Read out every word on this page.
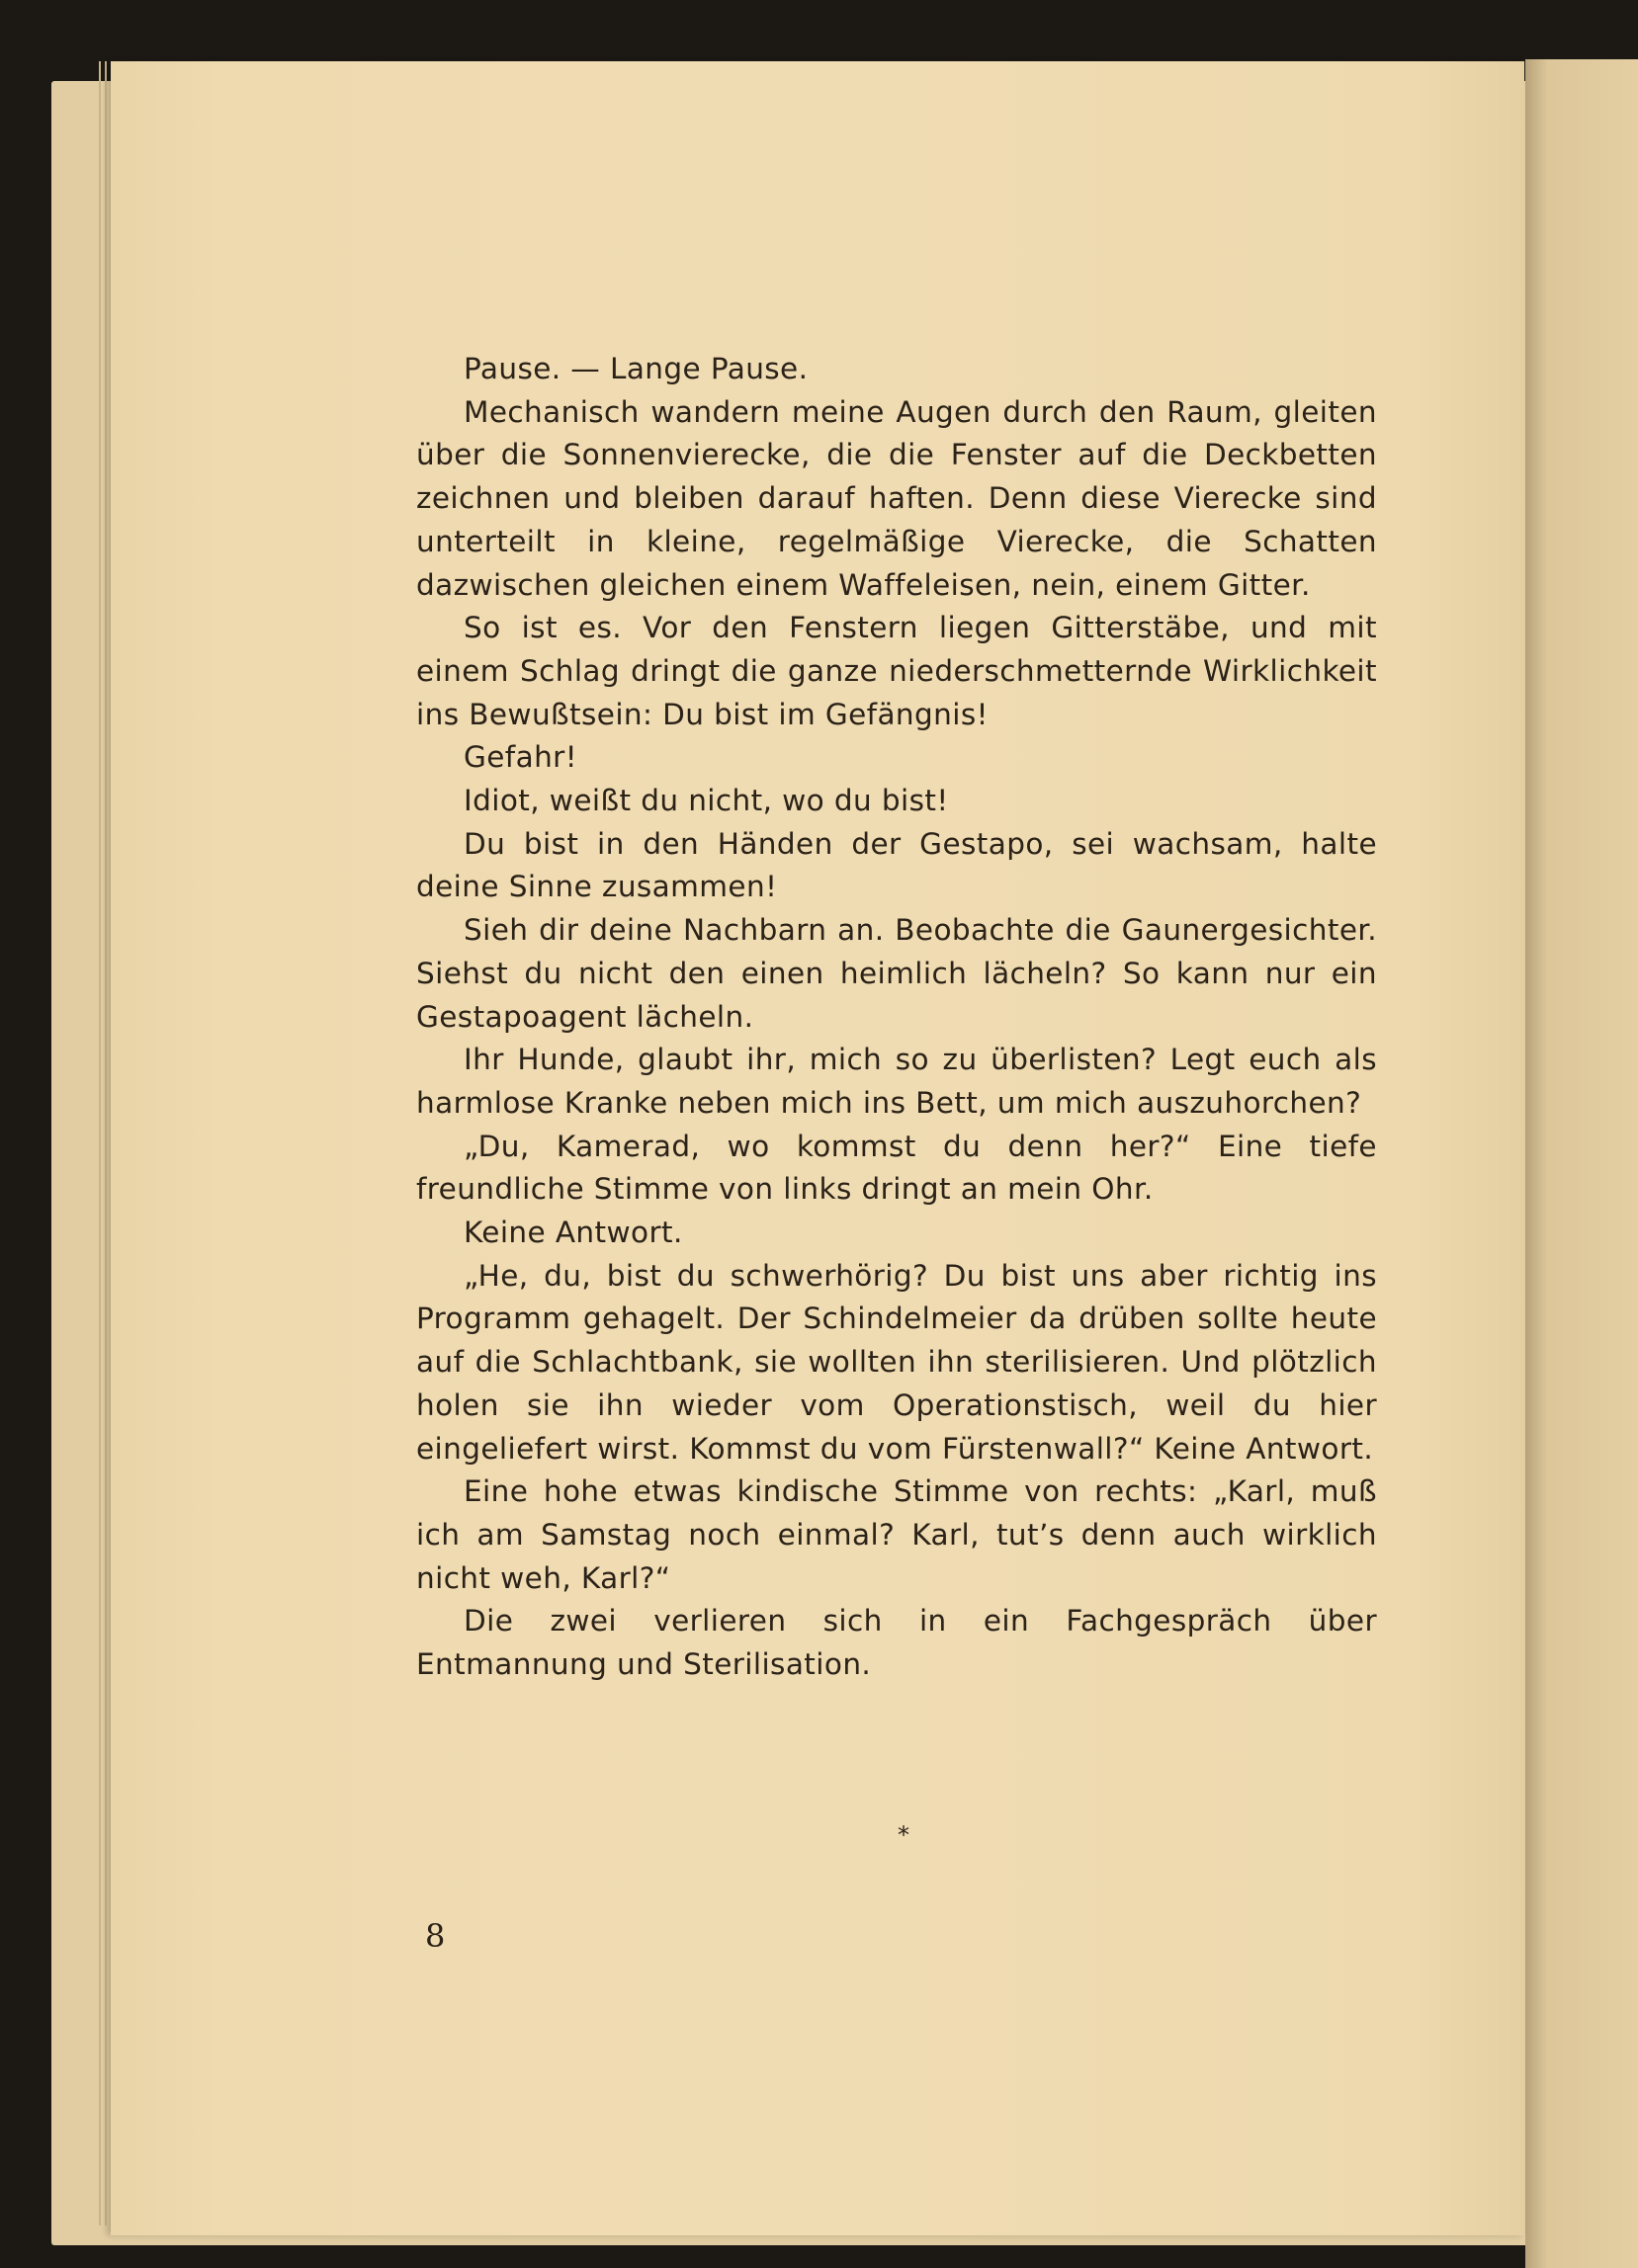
Pause. — Lange Pause.

Mechanisch wandern meine Augen durch den Raum, gleiten über die Sonnenvierecke, die die Fenster auf die Deckbetten zeichnen und bleiben darauf haften. Denn diese Vierecke sind unterteilt in kleine, regelmäßige Vierecke, die Schatten dazwischen gleichen einem Waffeleisen, nein, einem Gitter.

So ist es. Vor den Fenstern liegen Gitterstäbe, und mit einem Schlag dringt die ganze niederschmetternde Wirklichkeit ins Bewußtsein: Du bist im Gefängnis!

Gefahr!

Idiot, weißt du nicht, wo du bist!

Du bist in den Händen der Gestapo, sei wachsam, halte deine Sinne zusammen!

Sieh dir deine Nachbarn an. Beobachte die Gaunergesichter. Siehst du nicht den einen heimlich lächeln? So kann nur ein Gestapoagent lächeln.

Ihr Hunde, glaubt ihr, mich so zu überlisten? Legt euch als harmlose Kranke neben mich ins Bett, um mich auszuhorchen?

„Du, Kamerad, wo kommst du denn her?“ Eine tiefe freundliche Stimme von links dringt an mein Ohr.

Keine Antwort.

„He, du, bist du schwerhörig? Du bist uns aber richtig ins Programm gehagelt. Der Schindelmeier da drüben sollte heute auf die Schlachtbank, sie wollten ihn sterilisieren. Und plötzlich holen sie ihn wieder vom Operationstisch, weil du hier eingeliefert wirst. Kommst du vom Fürstenwall?“ Keine Antwort.

Eine hohe etwas kindische Stimme von rechts: „Karl, muß ich am Samstag noch einmal? Karl, tut’s denn auch wirklich nicht weh, Karl?“

Die zwei verlieren sich in ein Fachgespräch über Entmannung und Sterilisation.

*
8
